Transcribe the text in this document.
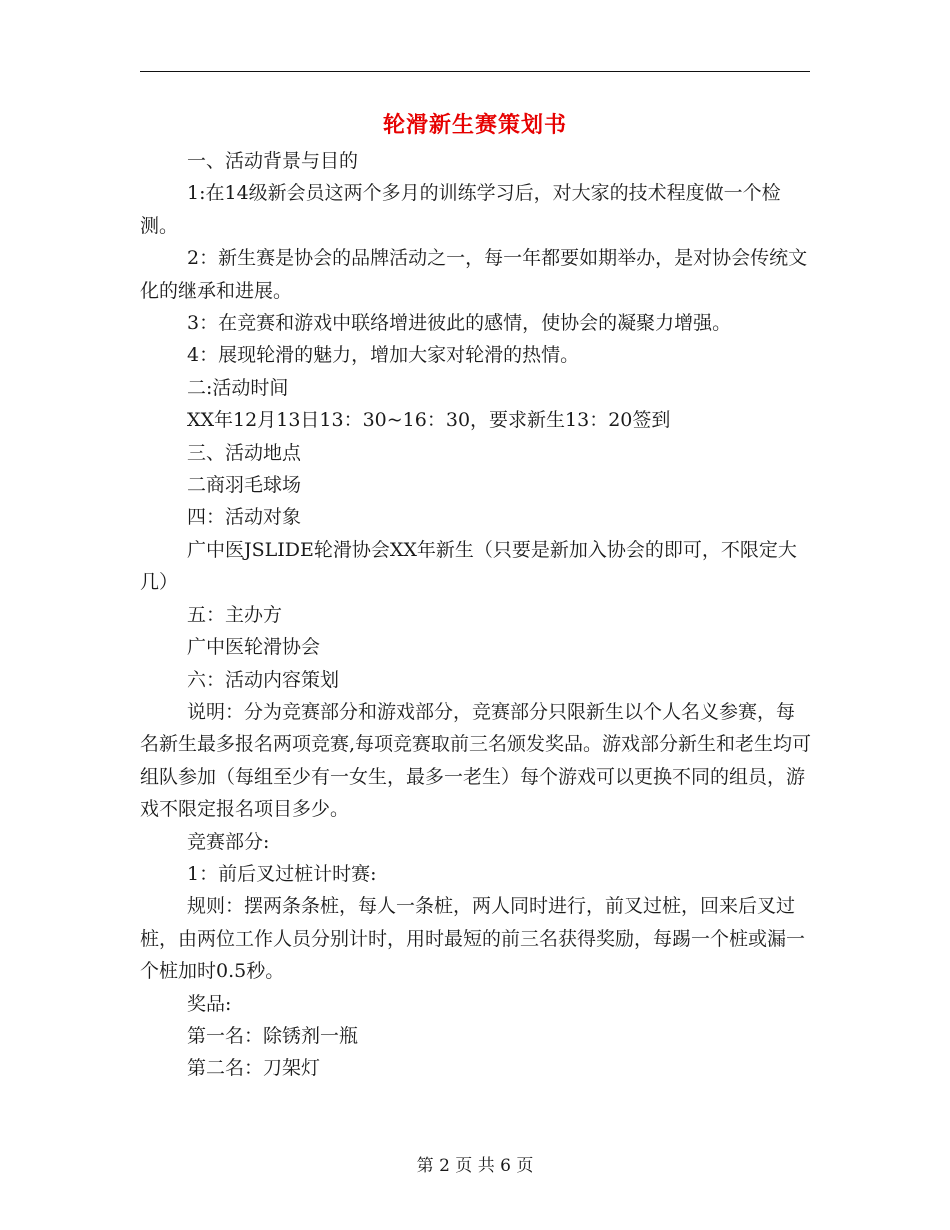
轮滑新生赛策划书

一、活动背景与目的

1:在14级新会员这两个多月的训练学习后，对大家的技术程度做一个检测。

2：新生赛是协会的品牌活动之一，每一年都要如期举办，是对协会传统文化的继承和进展。

3：在竞赛和游戏中联络增进彼此的感情，使协会的凝聚力增强。

4：展现轮滑的魅力，增加大家对轮滑的热情。

二:活动时间

XX年12月13日13：30~16：30，要求新生13：20签到

三、活动地点

二商羽毛球场

四：活动对象

广中医JSLIDE轮滑协会XX年新生（只要是新加入协会的即可，不限定大几）

五：主办方

广中医轮滑协会

六：活动内容策划

说明：分为竞赛部分和游戏部分，竞赛部分只限新生以个人名义参赛，每名新生最多报名两项竞赛,每项竞赛取前三名颁发奖品。游戏部分新生和老生均可组队参加（每组至少有一女生，最多一老生）每个游戏可以更换不同的组员，游戏不限定报名项目多少。

竞赛部分:

1：前后叉过桩计时赛:

规则：摆两条条桩，每人一条桩，两人同时进行，前叉过桩，回来后叉过桩，由两位工作人员分别计时，用时最短的前三名获得奖励，每踢一个桩或漏一个桩加时0.5秒。

奖品:

第一名：除锈剂一瓶

第二名：刀架灯

第 2 页 共 6 页
